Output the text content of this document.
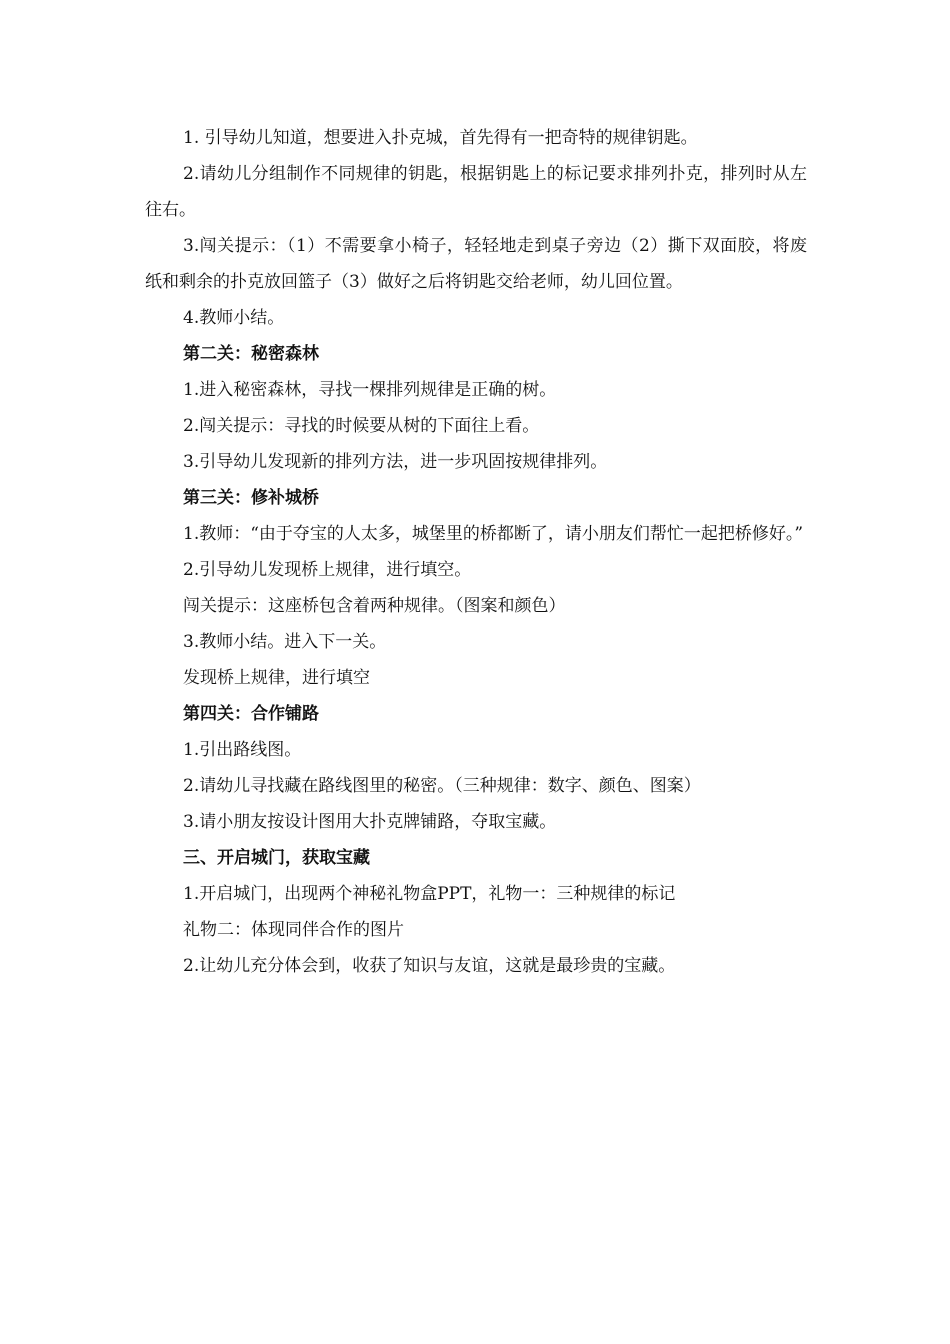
1. 引导幼儿知道，想要进入扑克城，首先得有一把奇特的规律钥匙。

2.请幼儿分组制作不同规律的钥匙，根据钥匙上的标记要求排列扑克，排列时从左往右。

3.闯关提示：（1）不需要拿小椅子，轻轻地走到桌子旁边（2）撕下双面胶，将废纸和剩余的扑克放回篮子（3）做好之后将钥匙交给老师，幼儿回位置。

4.教师小结。

第二关：秘密森林

1.进入秘密森林，寻找一棵排列规律是正确的树。

2.闯关提示：寻找的时候要从树的下面往上看。

3.引导幼儿发现新的排列方法，进一步巩固按规律排列。

第三关：修补城桥

1.教师：“由于夺宝的人太多，城堡里的桥都断了，请小朋友们帮忙一起把桥修好。”

2.引导幼儿发现桥上规律，进行填空。

闯关提示：这座桥包含着两种规律。（图案和颜色）

3.教师小结。进入下一关。

发现桥上规律，进行填空

第四关：合作铺路

1.引出路线图。

2.请幼儿寻找藏在路线图里的秘密。（三种规律：数字、颜色、图案）

3.请小朋友按设计图用大扑克牌铺路，夺取宝藏。

三、开启城门，获取宝藏

1.开启城门，出现两个神秘礼物盒PPT，礼物一：三种规律的标记

礼物二：体现同伴合作的图片

2.让幼儿充分体会到，收获了知识与友谊，这就是最珍贵的宝藏。
